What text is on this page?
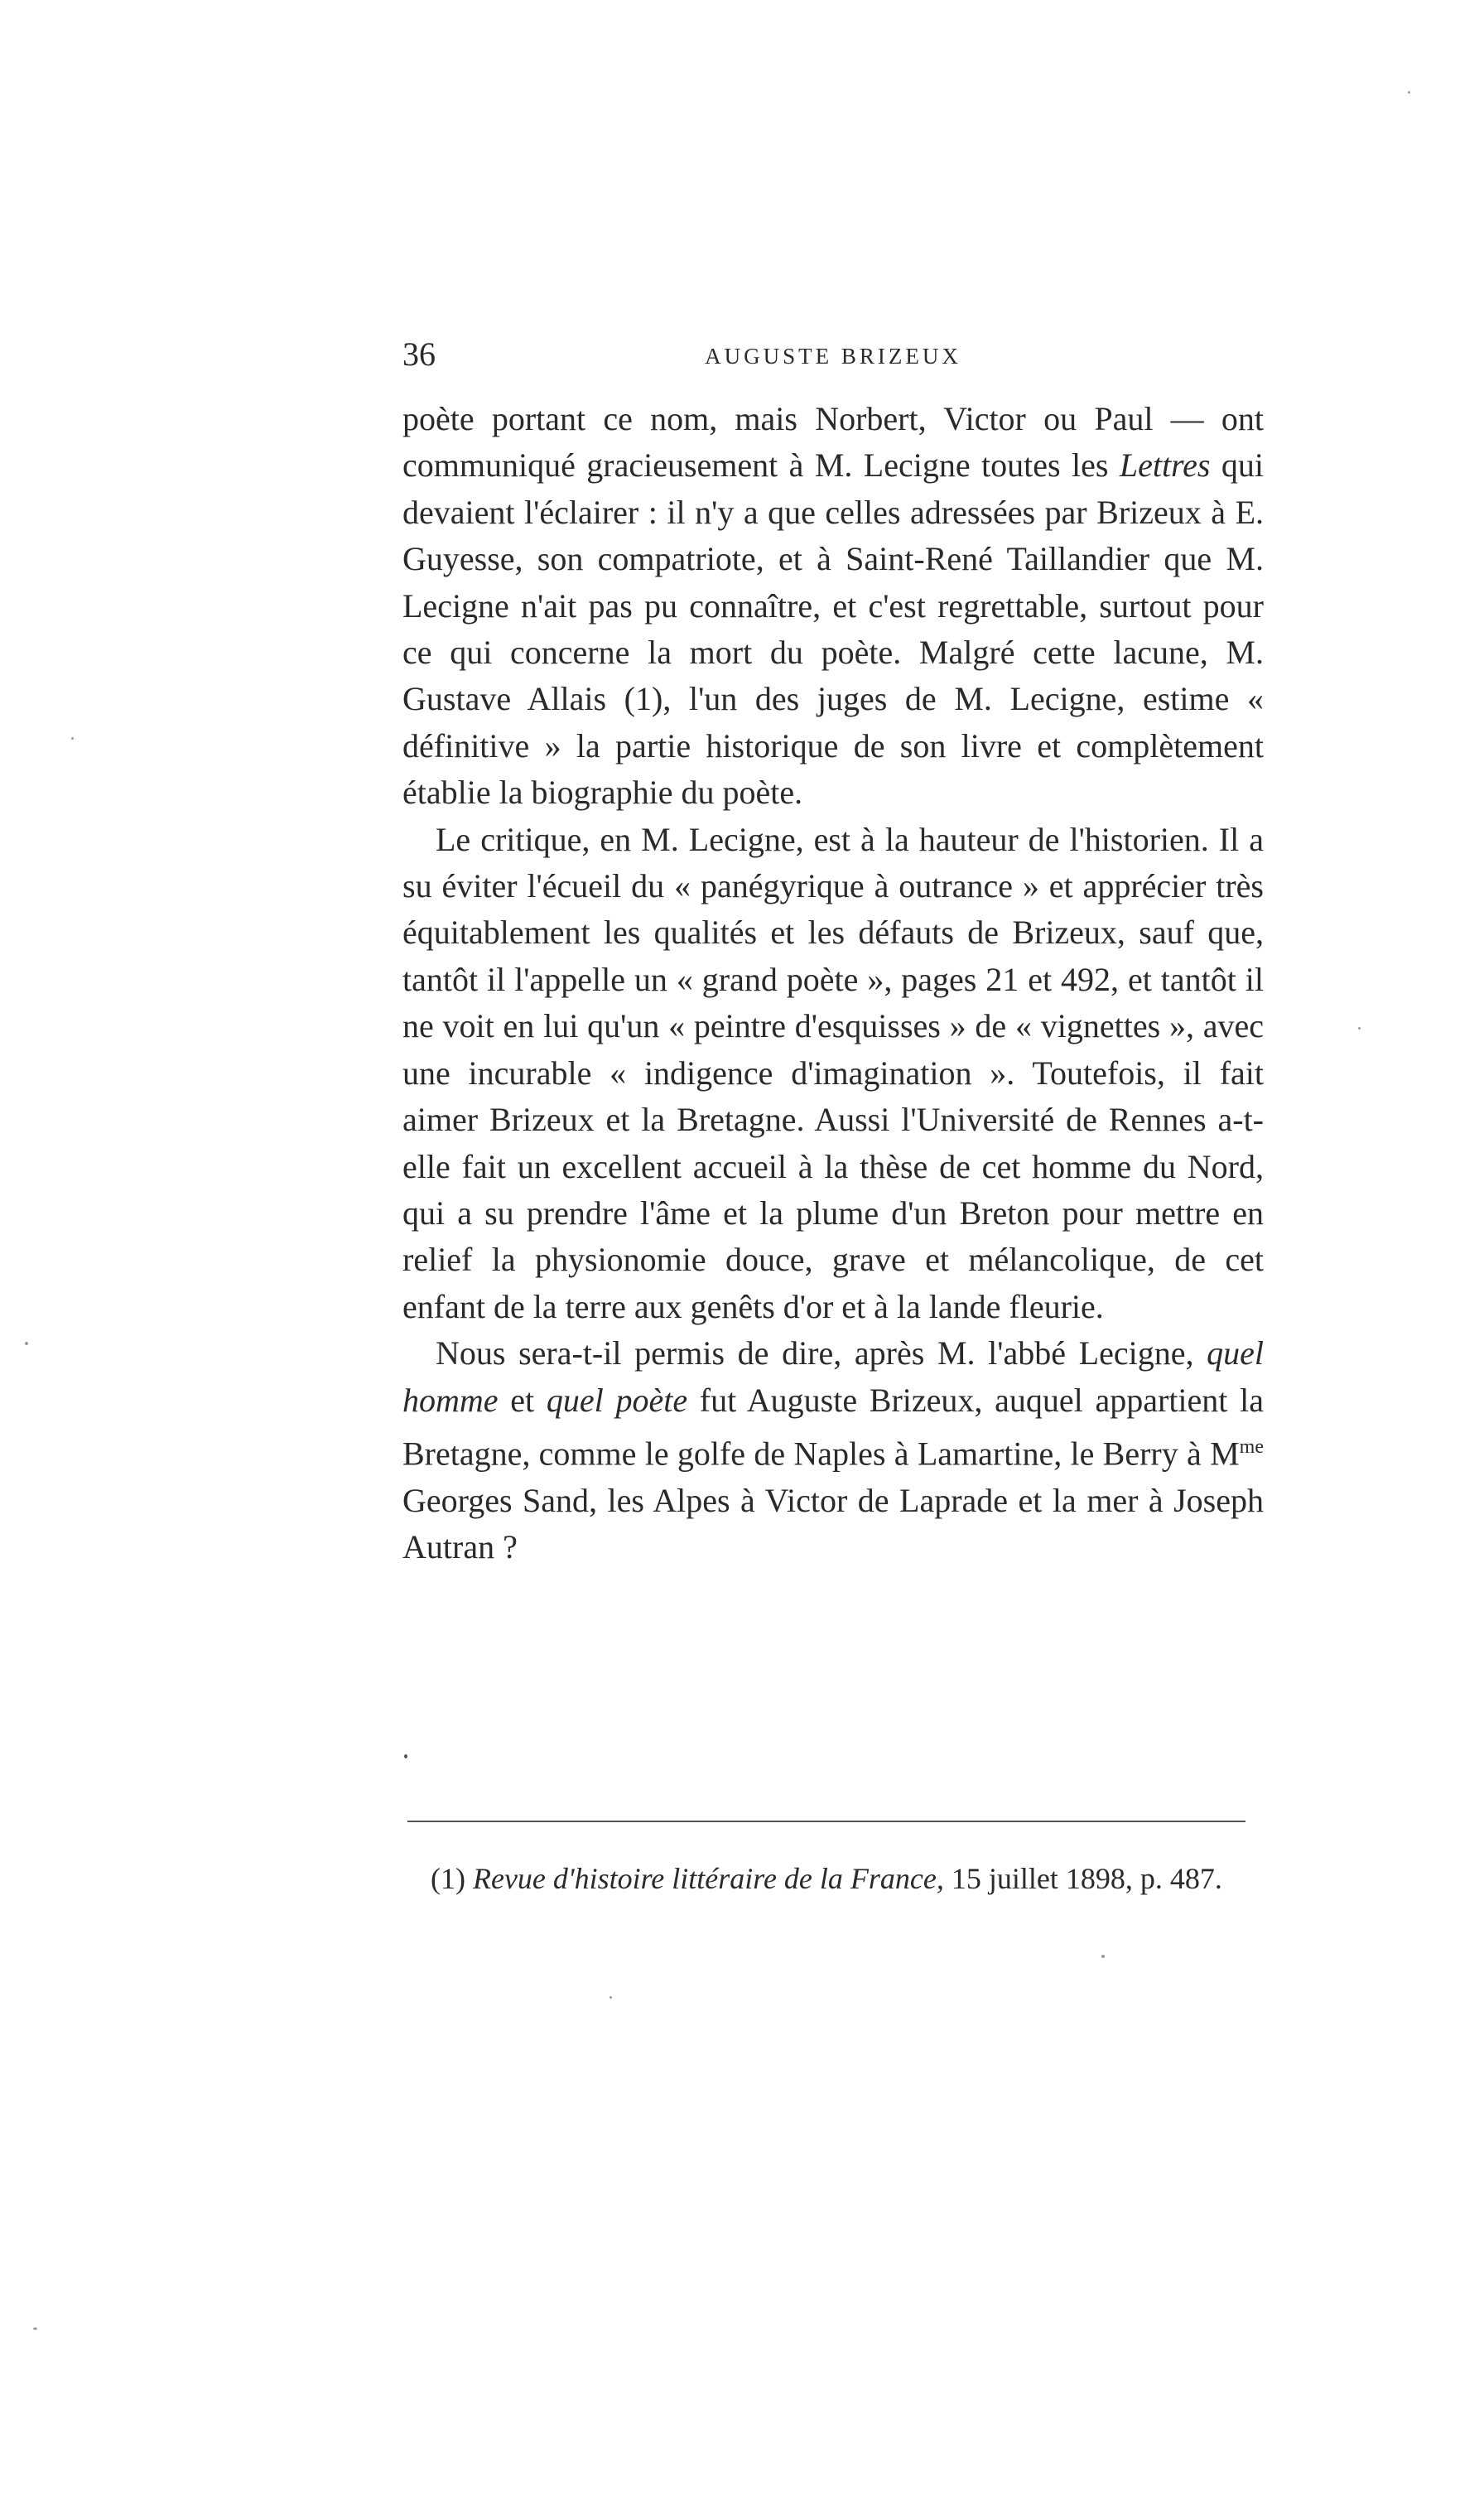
36	AUGUSTE BRIZEUX

poète portant ce nom, mais Norbert, Victor ou Paul — ont communiqué gracieusement à M. Lecigne toutes les Lettres qui devaient l'éclairer : il n'y a que celles adressées par Brizeux à E. Guyesse, son compatriote, et à Saint-René Taillandier que M. Lecigne n'ait pas pu connaître, et c'est regrettable, surtout pour ce qui concerne la mort du poète. Malgré cette lacune, M. Gustave Allais (1), l'un des juges de M. Lecigne, estime « définitive » la partie historique de son livre et complètement établie la biographie du poète.

Le critique, en M. Lecigne, est à la hauteur de l'historien. Il a su éviter l'écueil du « panégyrique à outrance » et apprécier très équitablement les qualités et les défauts de Brizeux, sauf que, tantôt il l'appelle un « grand poète », pages 21 et 492, et tantôt il ne voit en lui qu'un « peintre d'esquisses » de « vignettes », avec une incurable « indigence d'imagination ». Toutefois, il fait aimer Brizeux et la Bretagne. Aussi l'Université de Rennes a-t-elle fait un excellent accueil à la thèse de cet homme du Nord, qui a su prendre l'âme et la plume d'un Breton pour mettre en relief la physionomie douce, grave et mélancolique, de cet enfant de la terre aux genêts d'or et à la lande fleurie.

Nous sera-t-il permis de dire, après M. l'abbé Lecigne, quel homme et quel poète fut Auguste Brizeux, auquel appartient la Bretagne, comme le golfe de Naples à Lamartine, le Berry à $M^{me}$ Georges Sand, les Alpes à Victor de Laprade et la mer à Joseph Autran ?

(1) Revue d'histoire littéraire de la France, 15 juillet 1898, p. 487.
